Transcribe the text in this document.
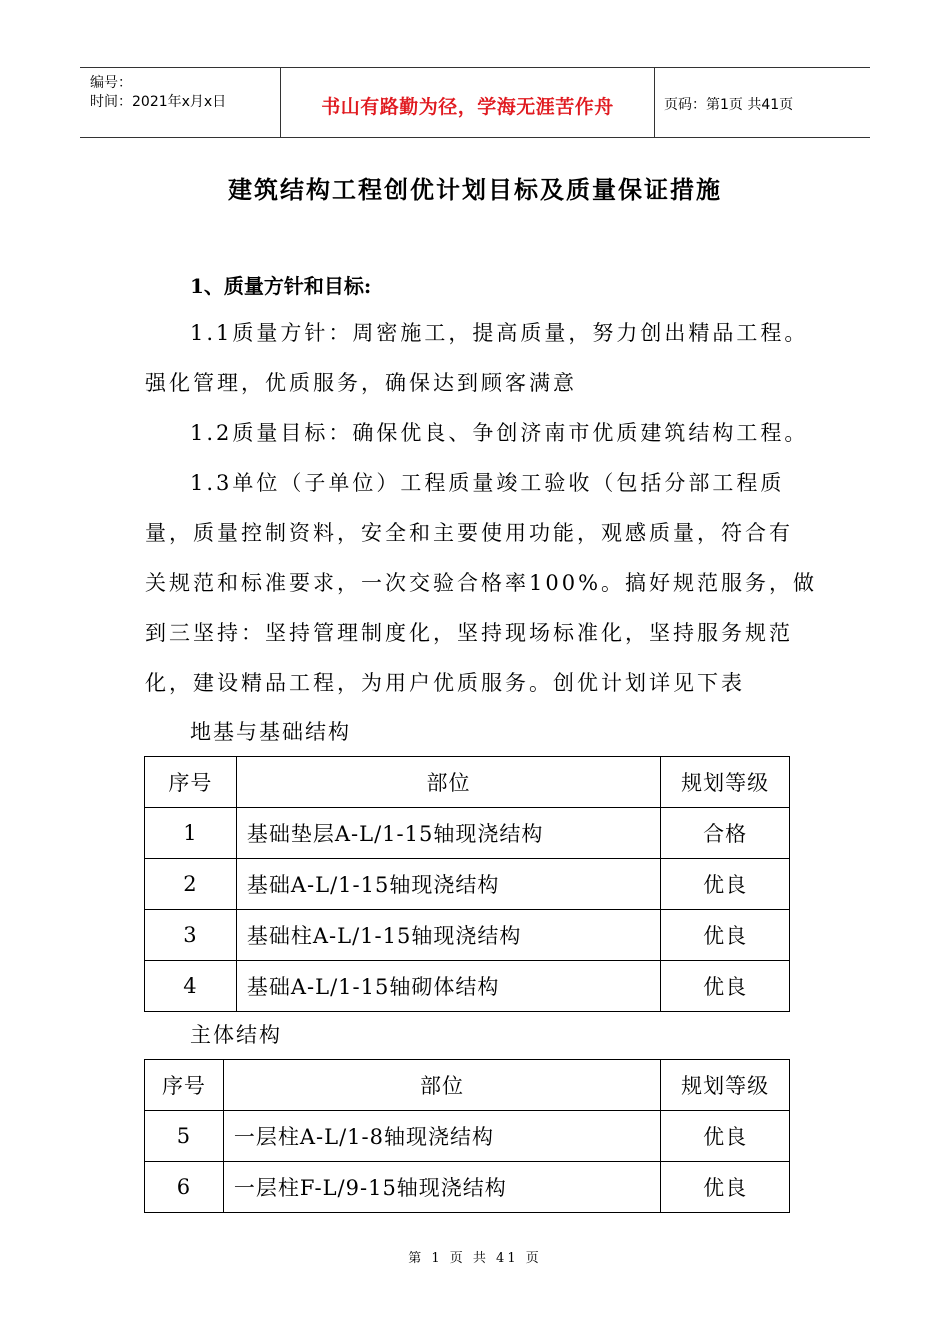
编号：
时间：2021年x月x日	书山有路勤为径，学海无涯苦作舟	页码：第1页 共41页
建筑结构工程创优计划目标及质量保证措施
1、质量方针和目标:
1.1质量方针：周密施工，提高质量，努力创出精品工程。
强化管理，优质服务，确保达到顾客满意
1.2质量目标：确保优良、争创济南市优质建筑结构工程。
1.3单位（子单位）工程质量竣工验收（包括分部工程质
量，质量控制资料，安全和主要使用功能，观感质量，符合有
关规范和标准要求，一次交验合格率100%。搞好规范服务，做
到三坚持：坚持管理制度化，坚持现场标准化，坚持服务规范
化，建设精品工程，为用户优质服务。创优计划详见下表
地基与基础结构
序号	部位	规划等级
1	基础垫层A-L/1-15轴现浇结构	合格
2	基础A-L/1-15轴现浇结构	优良
3	基础柱A-L/1-15轴现浇结构	优良
4	基础A-L/1-15轴砌体结构	优良
主体结构
序号	部位	规划等级
5	一层柱A-L/1-8轴现浇结构	优良
6	一层柱F-L/9-15轴现浇结构	优良
第 1 页 共 41 页
